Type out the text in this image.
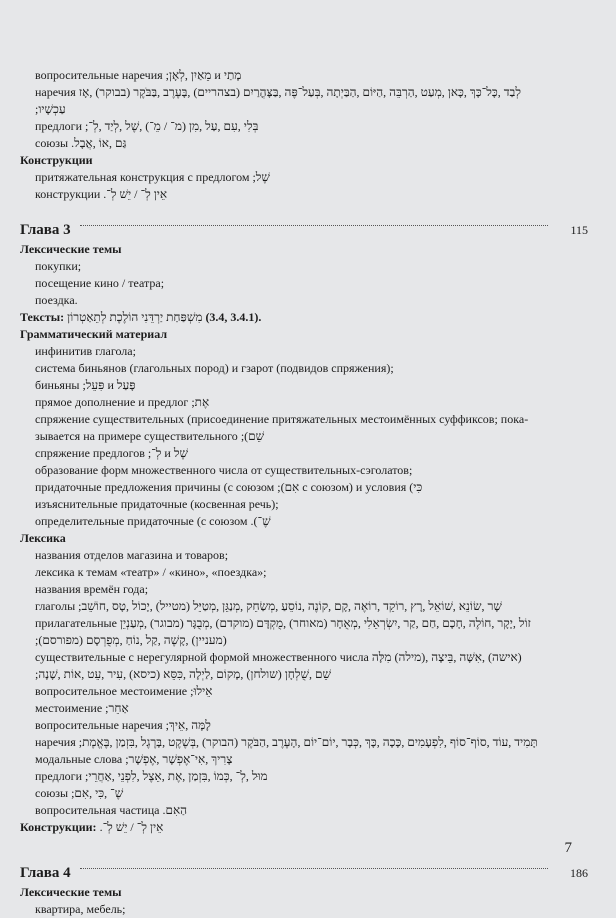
вопросительные наречия מָתַי и מֵאַיִן ,לְאָן;
наречия לְבַד ,כָּל־כָּךְ ,כָּאן ,מְעַט ,הַרְבֵּה ,הַיּוֹם ,הַבַּיְתָה ,בְּעַל־פֶּה ,בַּצָּהֳרַיִם (בצהריים) ,בָּעֶרֶב ,בַּבֹּקֶר (בבוקר) ,אָז
עַכְשָׁיו;
предлоги בְּלִי ,עִם ,עַל ,מִן (מ־ / מֵ־) ,שֶׁל ,לְיַד ,לְ־;
союзы גַּם ,אוֹ ,אֲבָל.
Конструкции
притяжательная конструкция с предлогом שֶׁל;
конструкции אֵין לְ־ / יֵשׁ לְ־.
Глава 3	115
Лексические темы
покупки;
посещение кино / театра;
поездка.
Тексты: מִשְׁפַּחַת יַרְדֵּנִי הוֹלֶכֶת לְתֵאַטְרוֹן (3.4, 3.4.1).
Грамматический материал
инфинитив глагола;
система биньянов (глагольных пород) и гзарот (подвидов спряжения);
биньяны פָּעַל и פִּעֵל;
прямое дополнение и предлог אֶת;
спряжение существительных (присоединение притяжательных местоимённых суффиксов; пока-
зывается на примере существительного שֵׁם);
спряжение предлогов שֶׁל и לְ־;
образование форм множественного числа от существительных-сэголатов;
придаточные предложения причины (с союзом כִּי) и условия (с союзом אִם);
изъяснительные придаточные (косвенная речь);
определительные придаточные (с союзом שֶׁ־).
Лексика
названия отделов магазина и товаров;
лексика к темам «театр» / «кино», «поездка»;
названия времён года;
глаголы שָׁר ,שׂוֹנֵא ,שׁוֹאֵל ,רָץ ,רוֹקֵד ,רוֹאֶה ,קָם ,קוֹנֶה ,נוֹסֵעַ ,מְשַׂחֵק ,מְנַגֵּן ,מְטַיֵּל (מטייל) ,יָכוֹל ,טָס ,חוֹשֵׁב;
прилагательные זוֹל ,יָקָר ,חוֹלֶה ,חָכָם ,חַם ,קַר ,יִשְׂרְאֵלִי ,מְאֻחָר (מאוחר) ,מֻקְדָּם (מוקדם) ,מְבֻגָּר (מבוגר) ,מְעַנְיֵן
(מעניין) ,קָשֶׁה ,קַל ,נוֹחַ ,מְפֻרְסָם (מפורסם);
существительные с нерегулярной формой множественного числа (אישה) ,אִשָּׁה ,בֵּיצָה ,(מילה) מִלָּה
שֵׁם ,שֻׁלְחָן (שולחן) ,מָקוֹם ,לַיְלָה ,כִּסֵּא (כיסא) ,עִיר ,עֵט ,אוֹת ,שָׁנָה;
вопросительное местоимение אֵילוּ;
местоимение אַחֵר;
вопросительные наречия לָמָּה ,אֵיךְ;
наречия תָּמִיד ,עוֹד ,סוֹף־סוֹף ,לִפְעָמִים ,כָּכָה ,כָּךְ ,כְּבָר ,יוֹם־יוֹם ,הָעֶרֶב ,הַבֹּקֶר (הבוקר) ,בְּשֶׁקֶט ,בָּרֶגֶל ,בִּזְמַן ,בֶּאֱמֶת;
модальные слова צָרִיךְ ,אִי־אֶפְשָׁר ,אֶפְשָׁר;
предлоги מוּל ,לְ־ ,כְּמוֹ ,בִּזְמַן ,אֶת ,אֵצֶל ,לִפְנֵי ,אַחֲרֵי;
союзы שֶׁ־ ,כִּי ,אִם;
вопросительная частица הַאִם.
Конструкции: אֵין לְ־ / יֵשׁ לְ־.
Глава 4	186
Лексические темы
квартира, мебель;
7
